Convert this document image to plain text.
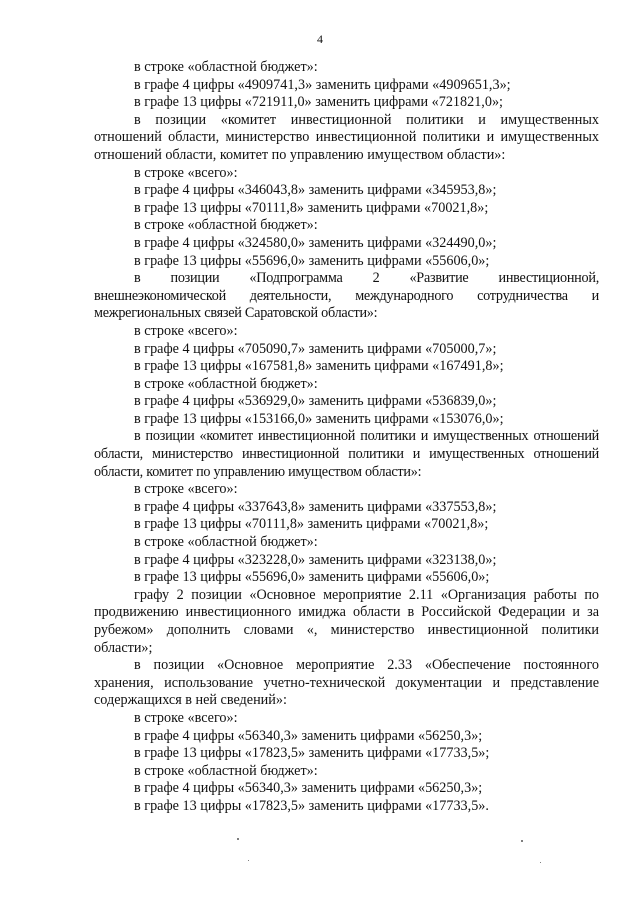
4
в строке «областной бюджет»:
в графе 4 цифры «4909741,3» заменить цифрами «4909651,3»;
в графе 13 цифры «721911,0» заменить цифрами «721821,0»;
в позиции «комитет инвестиционной политики и имущественных отношений области, министерство инвестиционной политики и имущественных отношений области, комитет по управлению имуществом области»:
в строке «всего»:
в графе 4 цифры «346043,8» заменить цифрами «345953,8»;
в графе 13 цифры «70111,8» заменить цифрами «70021,8»;
в строке «областной бюджет»:
в графе 4 цифры «324580,0» заменить цифрами «324490,0»;
в графе 13 цифры «55696,0» заменить цифрами «55606,0»;
в позиции «Подпрограмма 2 «Развитие инвестиционной, внешнеэкономической деятельности, международного сотрудничества и межрегиональных связей Саратовской области»:
в строке «всего»:
в графе 4 цифры «705090,7» заменить цифрами «705000,7»;
в графе 13 цифры «167581,8» заменить цифрами «167491,8»;
в строке «областной бюджет»:
в графе 4 цифры «536929,0» заменить цифрами «536839,0»;
в графе 13 цифры «153166,0» заменить цифрами «153076,0»;
в позиции «комитет инвестиционной политики и имущественных отношений области, министерство инвестиционной политики и имущественных отношений области, комитет по управлению имуществом области»:
в строке «всего»:
в графе 4 цифры «337643,8» заменить цифрами «337553,8»;
в графе 13 цифры «70111,8» заменить цифрами «70021,8»;
в строке «областной бюджет»:
в графе 4 цифры «323228,0» заменить цифрами «323138,0»;
в графе 13 цифры «55696,0» заменить цифрами «55606,0»;
графу 2 позиции «Основное мероприятие 2.11 «Организация работы по продвижению инвестиционного имиджа области в Российской Федерации и за рубежом» дополнить словами «, министерство инвестиционной политики области»;
в позиции «Основное мероприятие 2.33 «Обеспечение постоянного хранения, использование учетно-технической документации и представление содержащихся в ней сведений»:
в строке «всего»:
в графе 4 цифры «56340,3» заменить цифрами «56250,3»;
в графе 13 цифры «17823,5» заменить цифрами «17733,5»;
в строке «областной бюджет»:
в графе 4 цифры «56340,3» заменить цифрами «56250,3»;
в графе 13 цифры «17823,5» заменить цифрами «17733,5».
